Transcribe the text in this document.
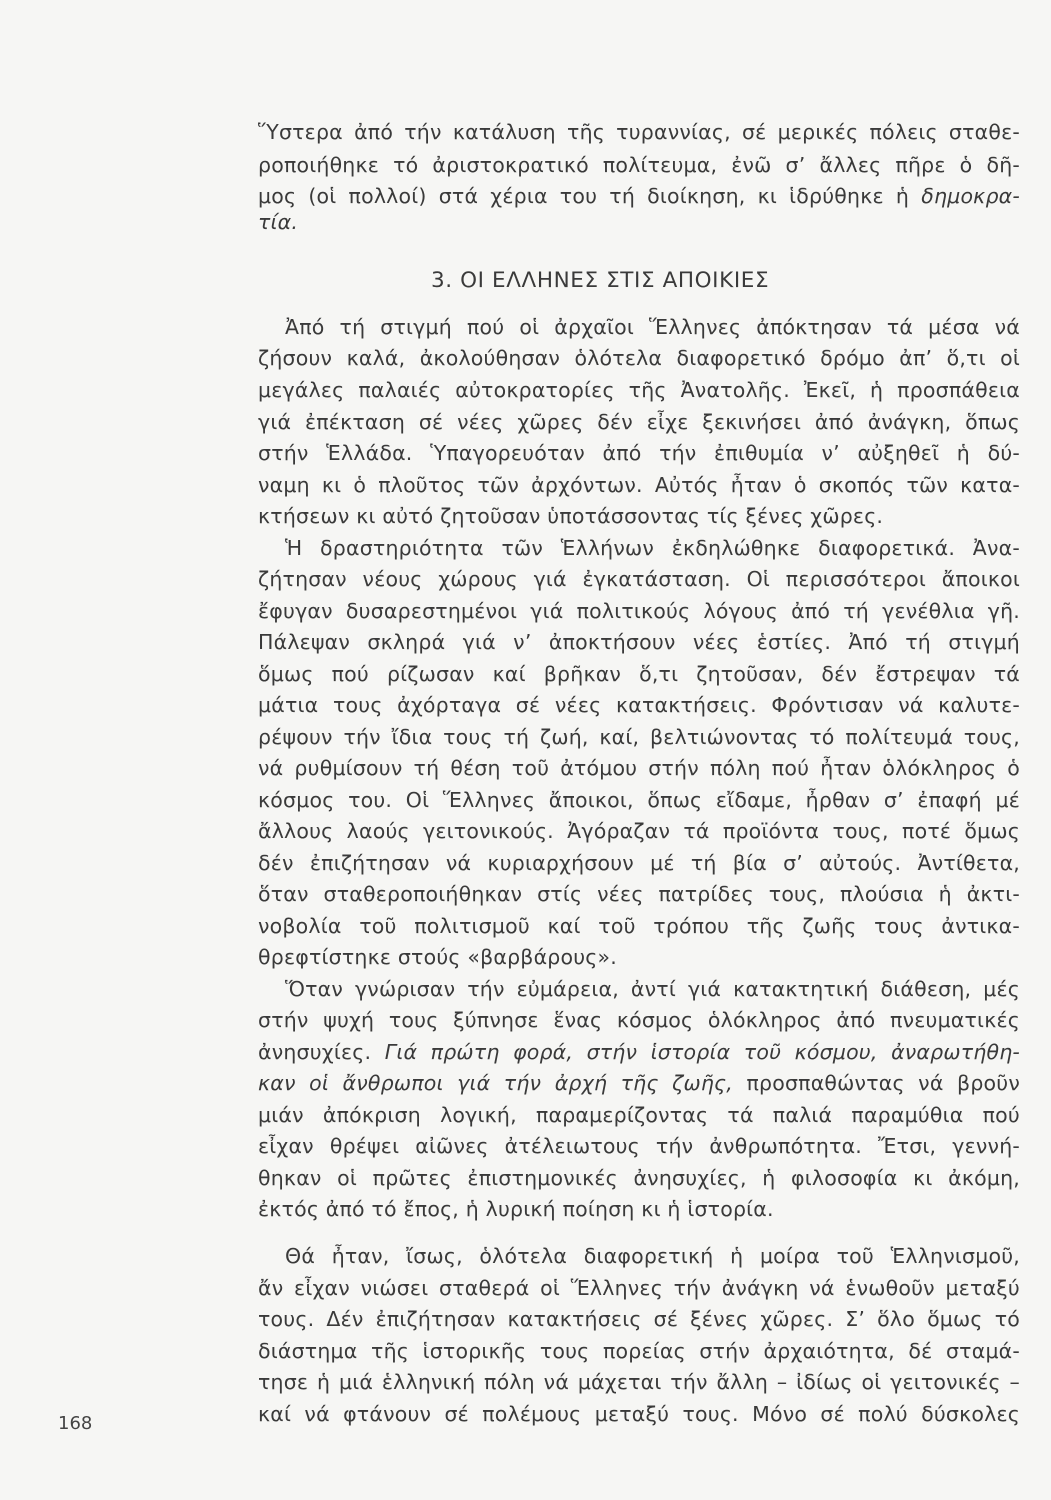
Ὕστερα ἀπό τήν κατάλυση τῆς τυραννίας, σέ μερικές πόλεις σταθε-
ροποιήθηκε τό ἀριστοκρατικό πολίτευμα, ἐνῶ σ’ ἄλλες πῆρε ὁ δῆ-
μος (οἱ πολλοί) στά χέρια του τή διοίκηση, κι ἱδρύθηκε ἡ δημοκρα-
τία.
3. ΟΙ ΕΛΛΗΝΕΣ ΣΤΙΣ ΑΠΟΙΚΙΕΣ
Ἀπό τή στιγμή πού οἱ ἀρχαῖοι Ἕλληνες ἀπόκτησαν τά μέσα νά
ζήσουν καλά, ἀκολούθησαν ὁλότελα διαφορετικό δρόμο ἀπ’ ὅ,τι οἱ
μεγάλες παλαιές αὐτοκρατορίες τῆς Ἀνατολῆς. Ἐκεῖ, ἡ προσπάθεια
γιά ἐπέκταση σέ νέες χῶρες δέν εἶχε ξεκινήσει ἀπό ἀνάγκη, ὅπως
στήν Ἑλλάδα. Ὑπαγορευόταν ἀπό τήν ἐπιθυμία ν’ αὐξηθεῖ ἡ δύ-
ναμη κι ὁ πλοῦτος τῶν ἀρχόντων. Αὐτός ἦταν ὁ σκοπός τῶν κατα-
κτήσεων κι αὐτό ζητοῦσαν ὑποτάσσοντας τίς ξένες χῶρες.
Ἡ δραστηριότητα τῶν Ἑλλήνων ἐκδηλώθηκε διαφορετικά. Ἀνα-
ζήτησαν νέους χώρους γιά ἐγκατάσταση. Οἱ περισσότεροι ἄποικοι
ἔφυγαν δυσαρεστημένοι γιά πολιτικούς λόγους ἀπό τή γενέθλια γῆ.
Πάλεψαν σκληρά γιά ν’ ἀποκτήσουν νέες ἑστίες. Ἀπό τή στιγμή
ὅμως πού ρίζωσαν καί βρῆκαν ὅ,τι ζητοῦσαν, δέν ἔστρεψαν τά
μάτια τους ἀχόρταγα σέ νέες κατακτήσεις. Φρόντισαν νά καλυτε-
ρέψουν τήν ἴδια τους τή ζωή, καί, βελτιώνοντας τό πολίτευμά τους,
νά ρυθμίσουν τή θέση τοῦ ἀτόμου στήν πόλη πού ἦταν ὁλόκληρος ὁ
κόσμος του. Οἱ Ἕλληνες ἄποικοι, ὅπως εἴδαμε, ἦρθαν σ’ ἐπαφή μέ
ἄλλους λαούς γειτονικούς. Ἀγόραζαν τά προϊόντα τους, ποτέ ὅμως
δέν ἐπιζήτησαν νά κυριαρχήσουν μέ τή βία σ’ αὐτούς. Ἀντίθετα,
ὅταν σταθεροποιήθηκαν στίς νέες πατρίδες τους, πλούσια ἡ ἀκτι-
νοβολία τοῦ πολιτισμοῦ καί τοῦ τρόπου τῆς ζωῆς τους ἀντικα-
θρεφτίστηκε στούς «βαρβάρους».
Ὅταν γνώρισαν τήν εὐμάρεια, ἀντί γιά κατακτητική διάθεση, μές
στήν ψυχή τους ξύπνησε ἕνας κόσμος ὁλόκληρος ἀπό πνευματικές
ἀνησυχίες. Γιά πρώτη φορά, στήν ἱστορία τοῦ κόσμου, ἀναρωτήθη-
καν οἱ ἄνθρωποι γιά τήν ἀρχή τῆς ζωῆς, προσπαθώντας νά βροῦν
μιάν ἀπόκριση λογική, παραμερίζοντας τά παλιά παραμύθια πού
εἶχαν θρέψει αἰῶνες ἀτέλειωτους τήν ἀνθρωπότητα. Ἔτσι, γεννή-
θηκαν οἱ πρῶτες ἐπιστημονικές ἀνησυχίες, ἡ φιλοσοφία κι ἀκόμη,
ἐκτός ἀπό τό ἔπος, ἡ λυρική ποίηση κι ἡ ἱστορία.
Θά ἦταν, ἴσως, ὁλότελα διαφορετική ἡ μοίρα τοῦ Ἑλληνισμοῦ,
ἄν εἶχαν νιώσει σταθερά οἱ Ἕλληνες τήν ἀνάγκη νά ἑνωθοῦν μεταξύ
τους. Δέν ἐπιζήτησαν κατακτήσεις σέ ξένες χῶρες. Σ’ ὅλο ὅμως τό
διάστημα τῆς ἱστορικῆς τους πορείας στήν ἀρχαιότητα, δέ σταμά-
τησε ἡ μιά ἑλληνική πόλη νά μάχεται τήν ἄλλη – ἰδίως οἱ γειτονικές –
καί νά φτάνουν σέ πολέμους μεταξύ τους. Μόνο σέ πολύ δύσκολες
168
